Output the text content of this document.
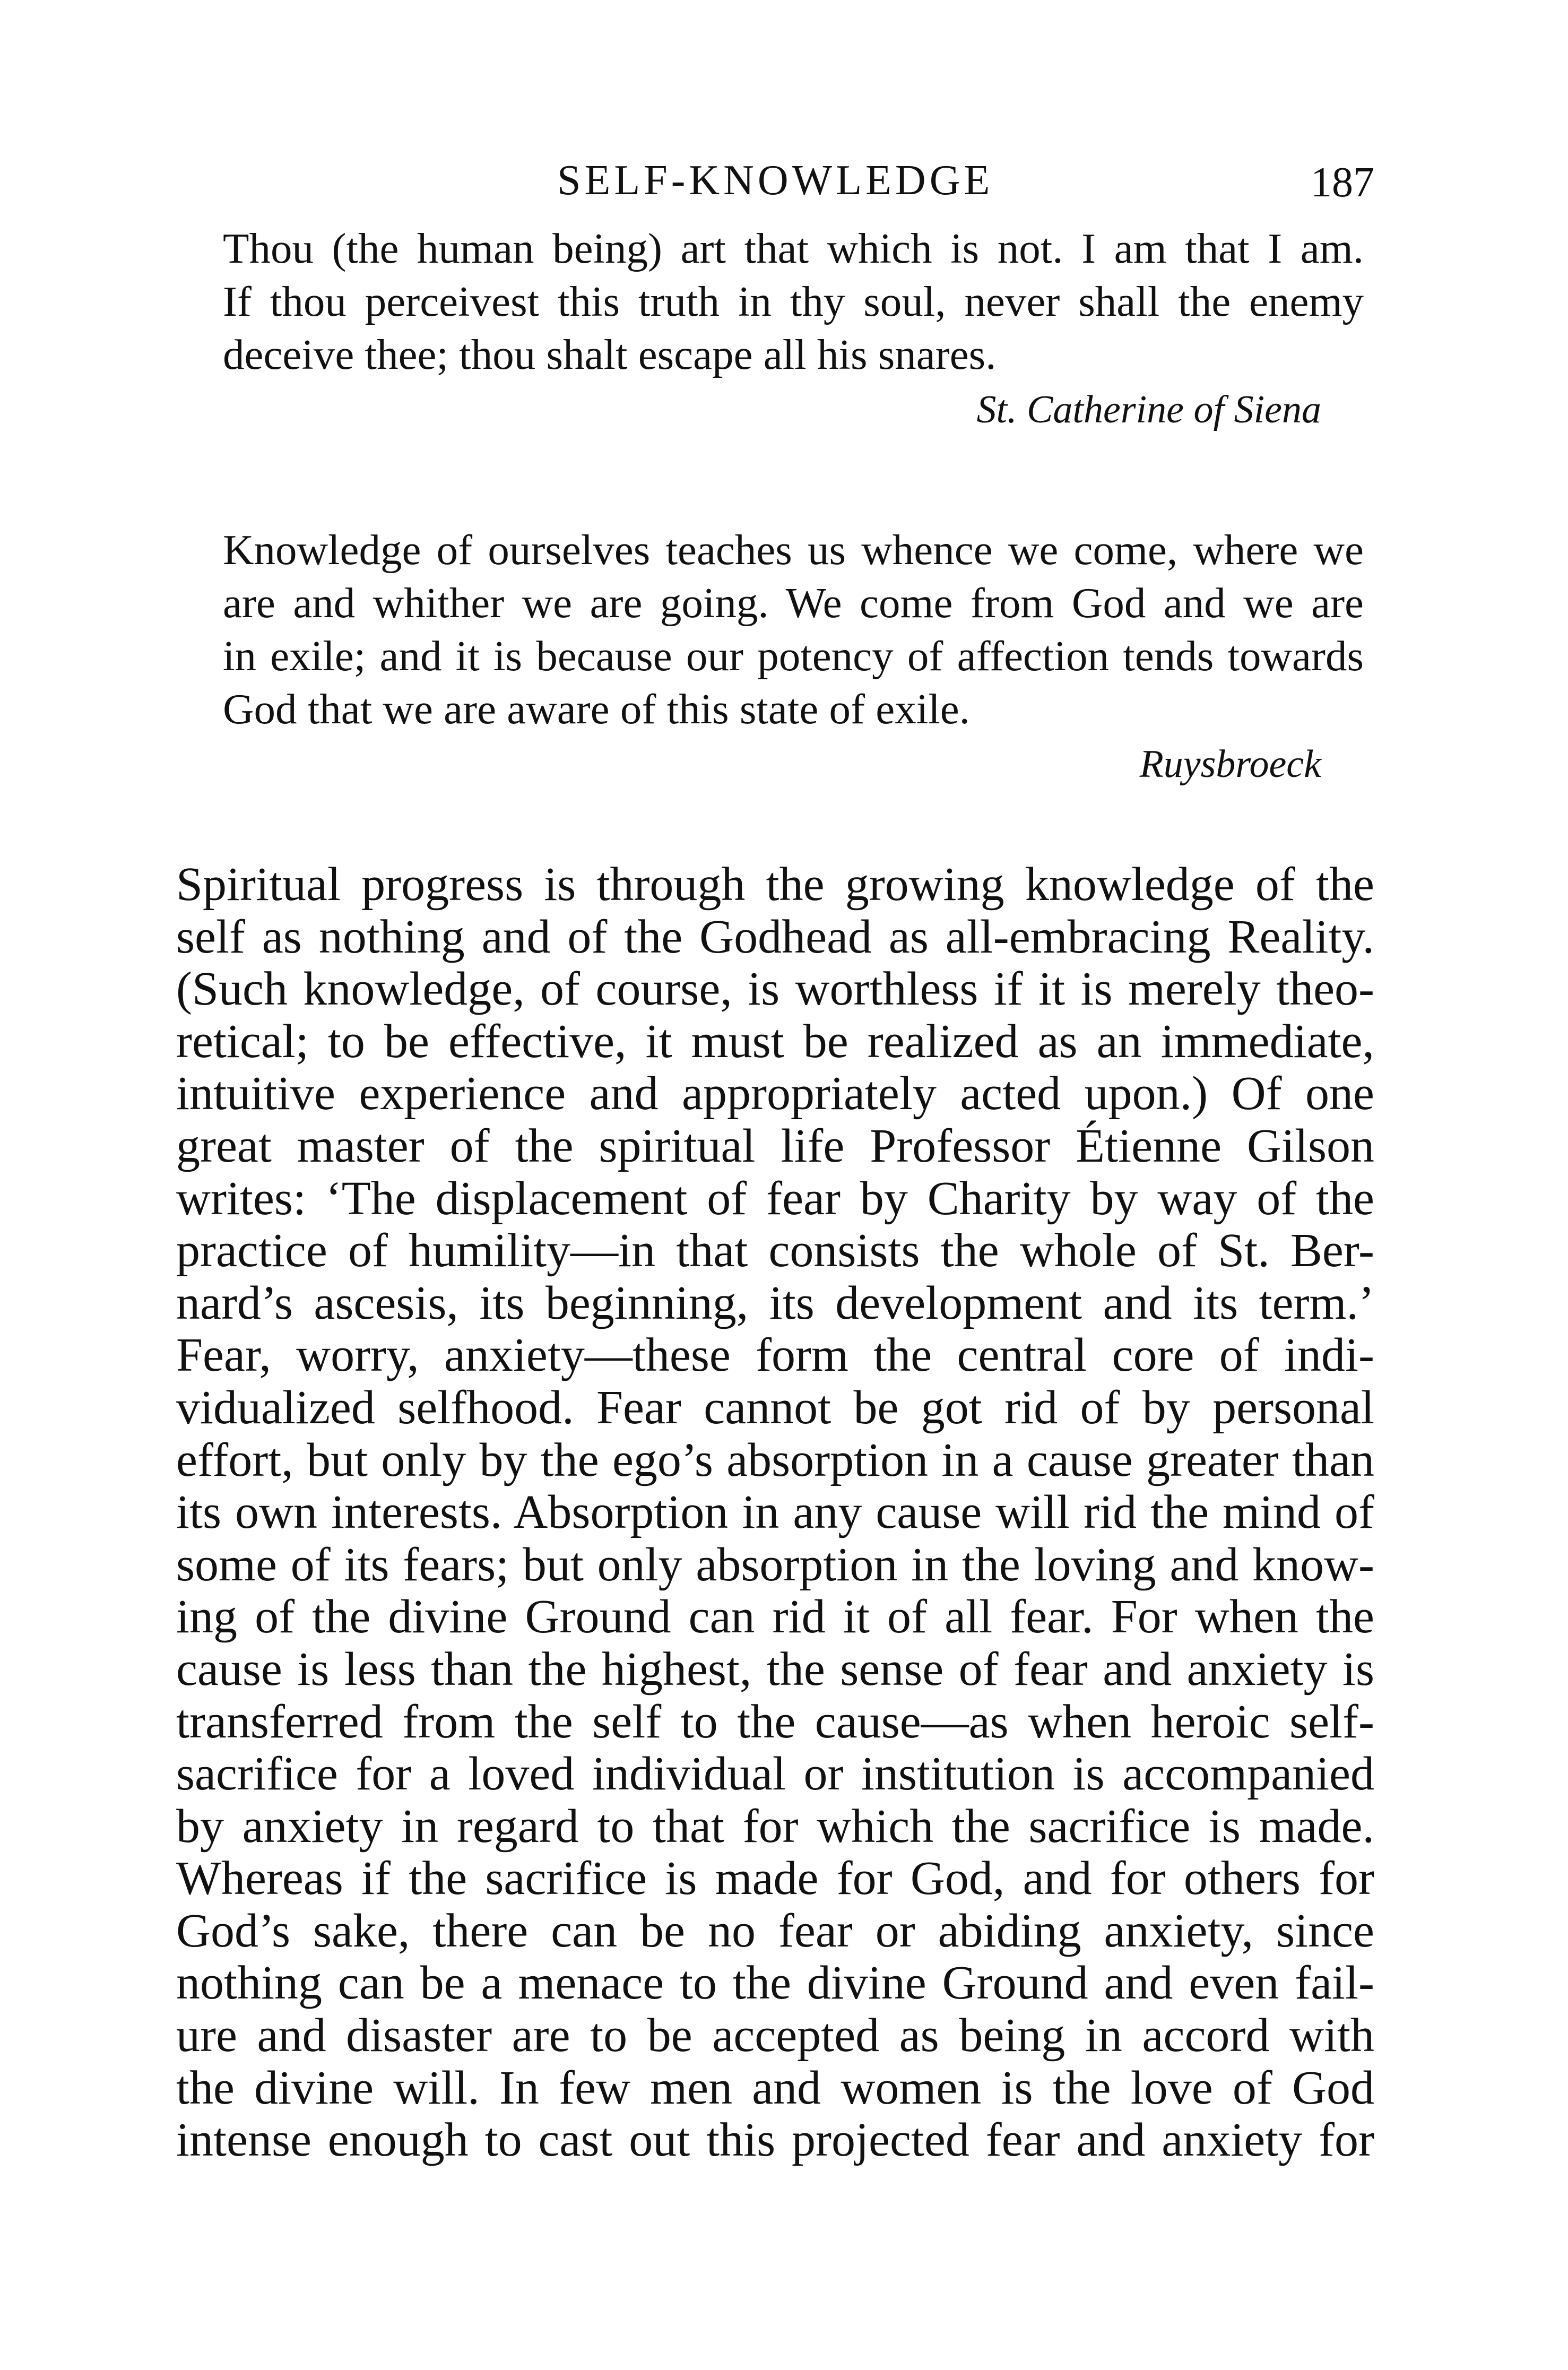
SELF-KNOWLEDGE	187
Thou (the human being) art that which is not. I am that I am.
If thou perceivest this truth in thy soul, never shall the enemy
deceive thee; thou shalt escape all his snares.
St. Catherine of Siena
Knowledge of ourselves teaches us whence we come, where we
are and whither we are going. We come from God and we are
in exile; and it is because our potency of affection tends towards
God that we are aware of this state of exile.
Ruysbroeck
Spiritual progress is through the growing knowledge of the
self as nothing and of the Godhead as all-embracing Reality.
(Such knowledge, of course, is worthless if it is merely theo-
retical; to be effective, it must be realized as an immediate,
intuitive experience and appropriately acted upon.) Of one
great master of the spiritual life Professor Étienne Gilson
writes: ‘The displacement of fear by Charity by way of the
practice of humility—in that consists the whole of St. Ber-
nard’s ascesis, its beginning, its development and its term.’
Fear, worry, anxiety—these form the central core of indi-
vidualized selfhood. Fear cannot be got rid of by personal
effort, but only by the ego’s absorption in a cause greater than
its own interests. Absorption in any cause will rid the mind of
some of its fears; but only absorption in the loving and know-
ing of the divine Ground can rid it of all fear. For when the
cause is less than the highest, the sense of fear and anxiety is
transferred from the self to the cause—as when heroic self-
sacrifice for a loved individual or institution is accompanied
by anxiety in regard to that for which the sacrifice is made.
Whereas if the sacrifice is made for God, and for others for
God’s sake, there can be no fear or abiding anxiety, since
nothing can be a menace to the divine Ground and even fail-
ure and disaster are to be accepted as being in accord with
the divine will. In few men and women is the love of God
intense enough to cast out this projected fear and anxiety for
